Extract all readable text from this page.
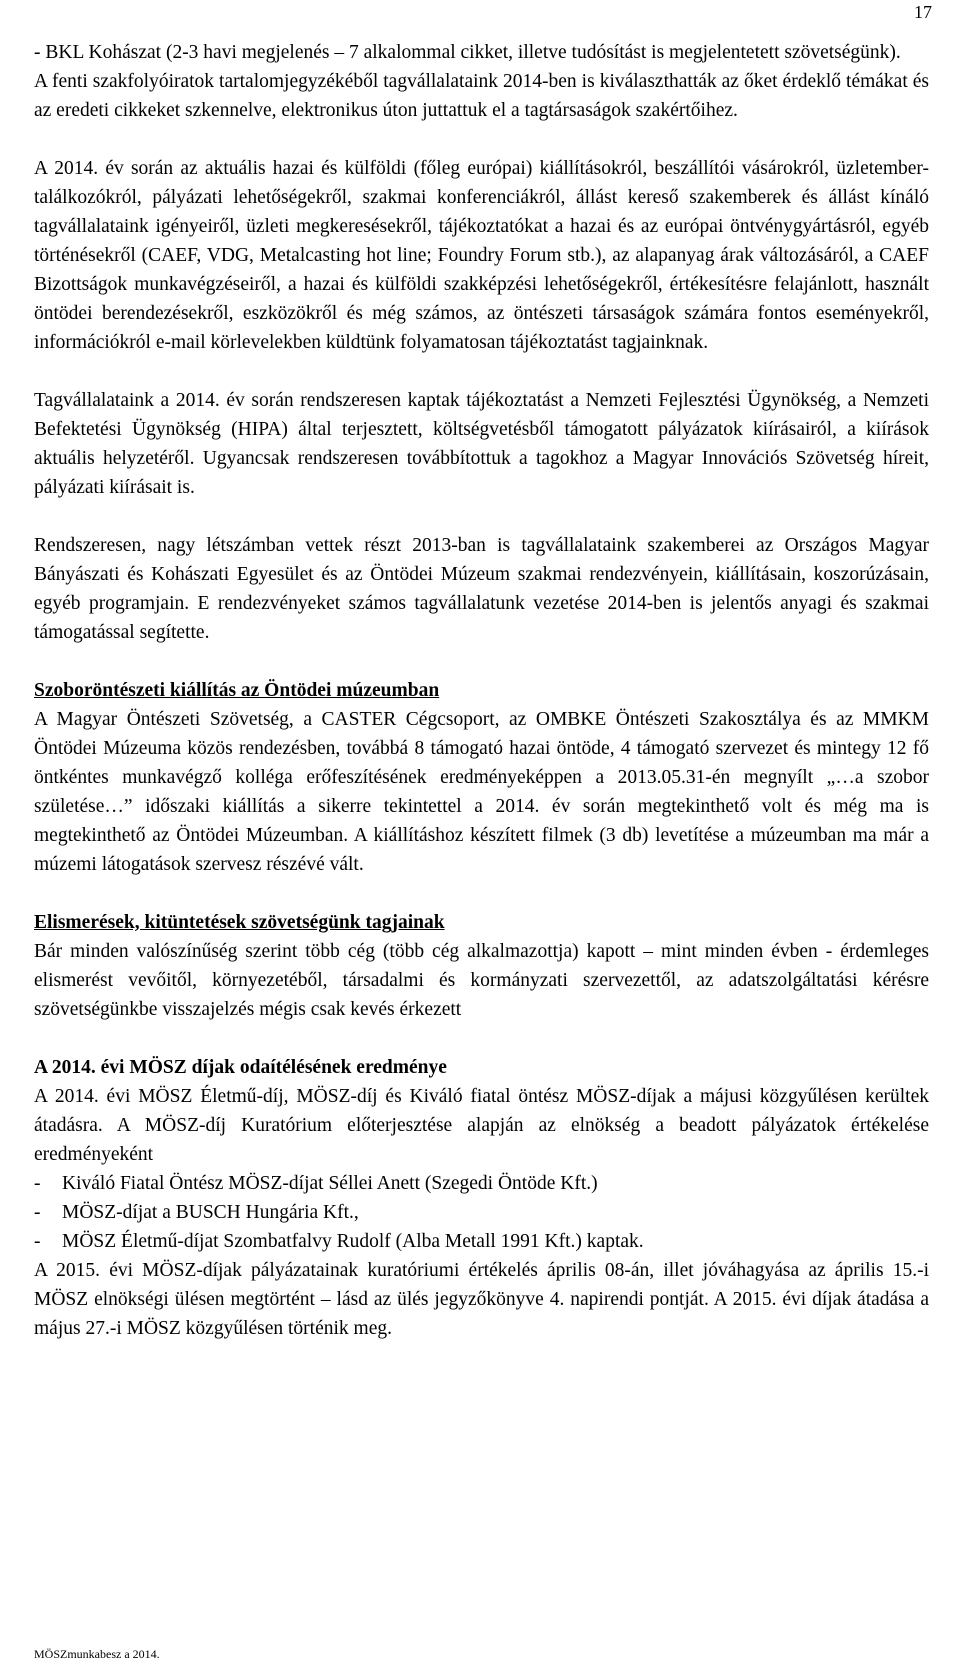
17

- BKL Kohászat (2-3 havi megjelenés – 7 alkalommal cikket, illetve tudósítást is megjelentetett szövetségünk).

A fenti szakfolyóiratok tartalomjegyzékéből tagvállalataink 2014-ben is kiválaszthatták az őket érdeklő témákat és az eredeti cikkeket szkennelve, elektronikus úton juttattuk el a tagtársaságok szakértőihez.

A 2014. év során az aktuális hazai és külföldi (főleg európai) kiállításokról, beszállítói vásárokról, üzletember-találkozókról, pályázati lehetőségekről, szakmai konferenciákról, állást kereső szakemberek és állást kínáló tagvállalataink igényeiről, üzleti megkeresésekről, tájékoztatókat a hazai és az európai öntvénygyártásról, egyéb történésekről (CAEF, VDG, Metalcasting hot line; Foundry Forum stb.), az alapanyag árak változásáról, a CAEF Bizottságok munkavégzéseiről, a hazai és külföldi szakképzési lehetőségekről, értékesítésre felajánlott, használt öntödei berendezésekről, eszközökről és még számos, az öntészeti társaságok számára fontos eseményekről, információkról e-mail körlevelekben küldtünk folyamatosan tájékoztatást tagjainknak.

Tagvállalataink a 2014. év során rendszeresen kaptak tájékoztatást a Nemzeti Fejlesztési Ügynökség, a Nemzeti Befektetési Ügynökség (HIPA) által terjesztett, költségvetésből támogatott pályázatok kiírásairól, a kiírások aktuális helyzetéről. Ugyancsak rendszeresen továbbítottuk a tagokhoz a Magyar Innovációs Szövetség híreit, pályázati kiírásait is.

Rendszeresen, nagy létszámban vettek részt 2013-ban is tagvállalataink szakemberei az Országos Magyar Bányászati és Kohászati Egyesület és az Öntödei Múzeum szakmai rendezvényein, kiállításain, koszorúzásain, egyéb programjain. E rendezvényeket számos tagvállalatunk vezetése 2014-ben is jelentős anyagi és szakmai támogatással segítette.

Szoboröntészeti kiállítás az Öntödei múzeumban

A Magyar Öntészeti Szövetség, a CASTER Cégcsoport, az OMBKE Öntészeti Szakosztálya és az MMKM Öntödei Múzeuma közös rendezésben, továbbá 8 támogató hazai öntöde, 4 támogató szervezet és mintegy 12 fő öntkéntes munkavégző kollégа erőfeszítésének eredményeképpen a 2013.05.31-én megnyílt „…a szobor születése…” időszaki kiállítás a sikerre tekintettel a 2014. év során megtekinthető volt és még ma is megtekinthető az Öntödei Múzeumban. A kiállításhoz készített filmek (3 db) levetítése a múzeumban ma már a múzemi látogatások szervesz részévé vált.

Elismerések, kitüntetések szövetségünk tagjainak

Bár minden valószínűség szerint több cég (több cég alkalmazottja) kapott – mint minden évben - érdemleges elismerést vevőitől, környezetéből, társadalmi és kormányzati szervezettől, az adatszolgáltatási kérésre szövetségünkbe visszajelzés mégis csak kevés érkezett

A 2014. évi MÖSZ díjak odaítélésének eredménye

A 2014. évi MÖSZ Életmű-díj, MÖSZ-díj és Kiváló fiatal öntész MÖSZ-díjak a májusi közgyűlésen kerültek átadásra. A MÖSZ-díj Kuratórium előterjesztése alapján az elnökség a beadott pályázatok értékelése eredményeként

-	Kiváló Fiatal Öntész MÖSZ-díjat Séllei Anett (Szegedi Öntöde Kft.)
-	MÖSZ-díjat a BUSCH Hungária Kft.,
-	MÖSZ Életmű-díjat Szombatfalvy Rudolf (Alba Metall 1991 Kft.) kaptak.

A 2015. évi MÖSZ-díjak pályázatainak kuratóriumi értékelés április 08-án, illet jóváhagyása az április 15.-i MÖSZ elnökségi ülésen megtörtént – lásd az ülés jegyzőkönyve 4. napirendi pontját. A 2015. évi díjak átadása a május 27.-i MÖSZ közgyűlésen történik meg.

MÖSZmunkabesz a 2014.
